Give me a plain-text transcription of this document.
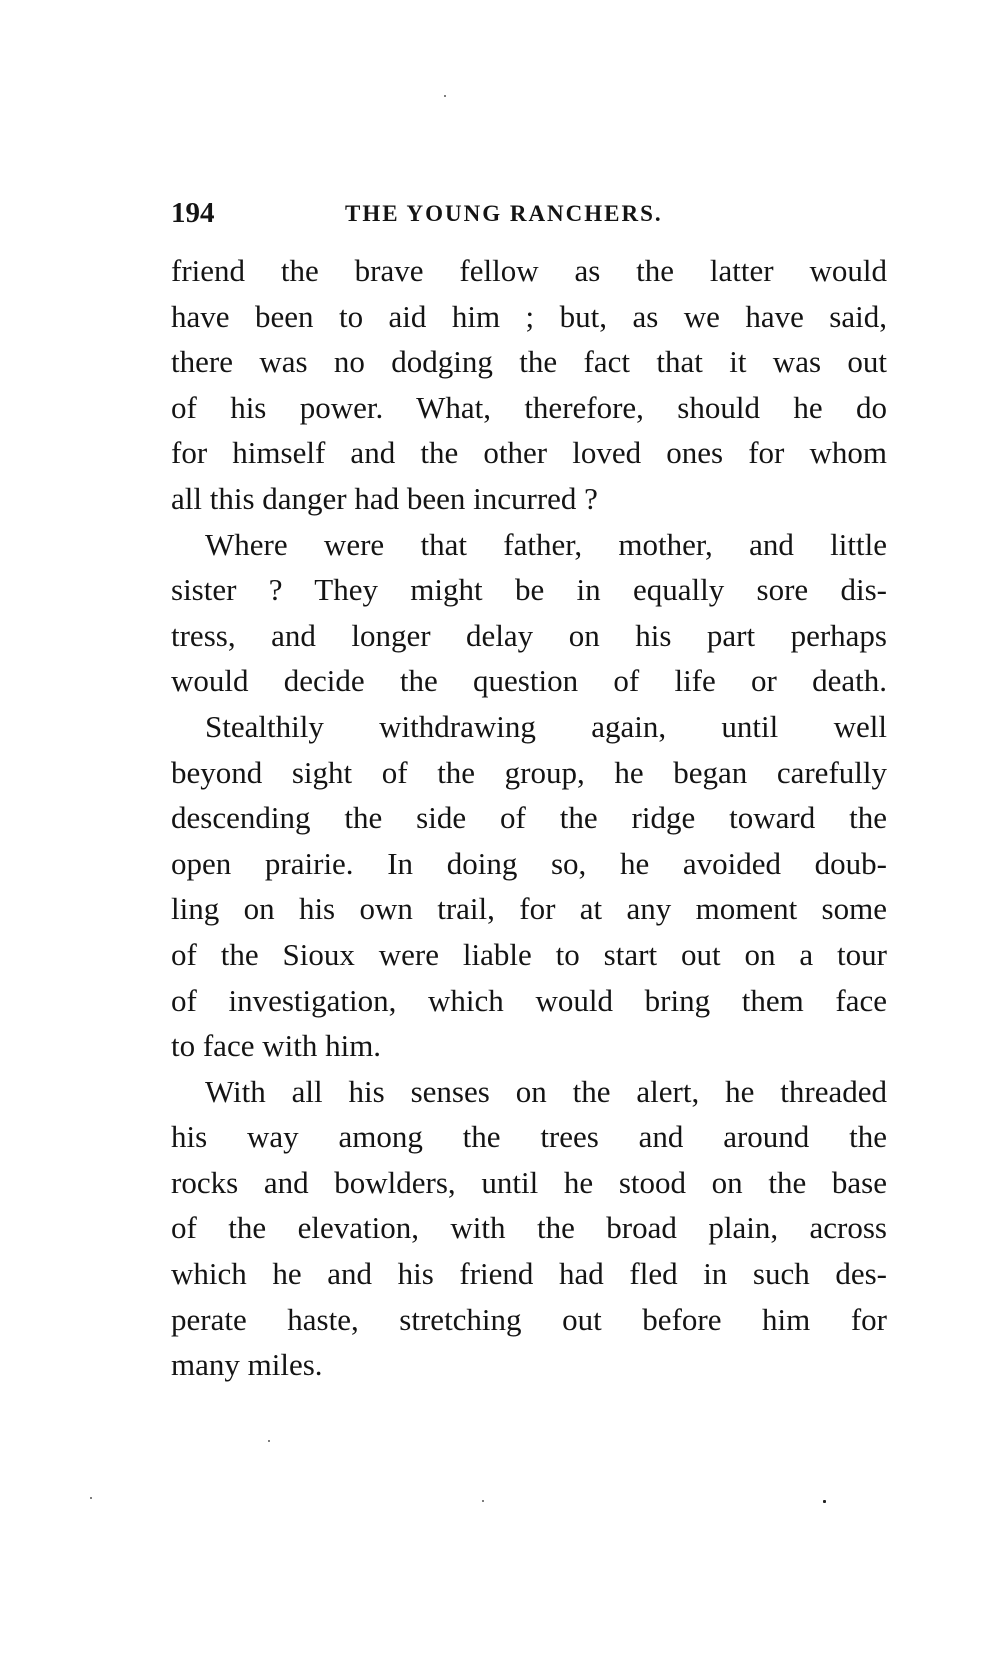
194	THE YOUNG RANCHERS.

friend the brave fellow as the latter would
have been to aid him ; but, as we have said,
there was no dodging the fact that it was out
of his power. What, therefore, should he do
for himself and the other loved ones for whom
all this danger had been incurred ?

Where were that father, mother, and little
sister ? They might be in equally sore dis-
tress, and longer delay on his part perhaps
would decide the question of life or death.

Stealthily withdrawing again, until well
beyond sight of the group, he began carefully
descending the side of the ridge toward the
open prairie. In doing so, he avoided doub-
ling on his own trail, for at any moment some
of the Sioux were liable to start out on a tour
of investigation, which would bring them face
to face with him.

With all his senses on the alert, he threaded
his way among the trees and around the
rocks and bowlders, until he stood on the base
of the elevation, with the broad plain, across
which he and his friend had fled in such des-
perate haste, stretching out before him for
many miles.
